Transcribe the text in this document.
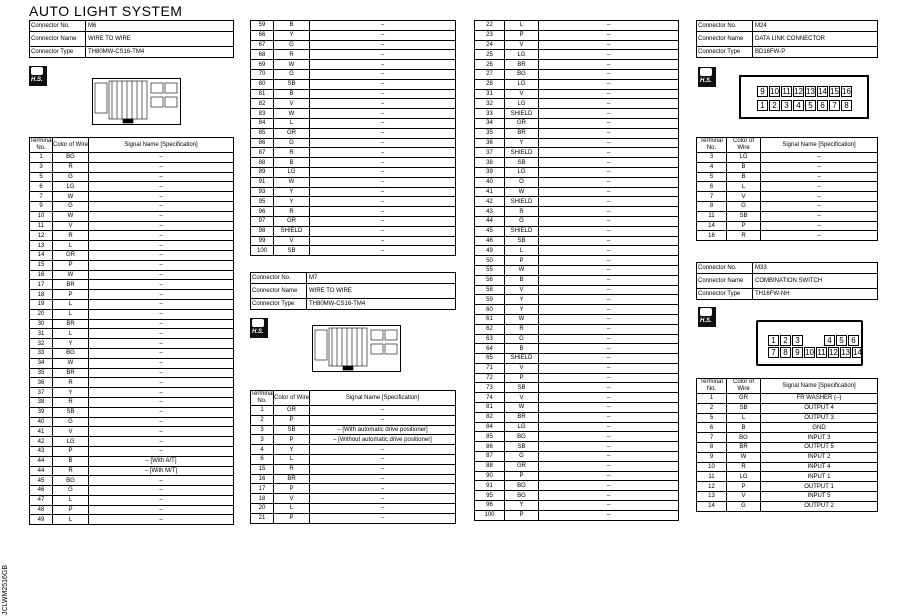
AUTO LIGHT SYSTEM
JCLWM2516GB
Connector No.	M6
Connector Name	WIRE TO WIRE
Connector Type	TH80MW-CS16-TM4
H.S.
Terminal No.	Color of Wire	Signal Name [Specification]
1	BG	–
3	R	–
5	G	–
6	LG	–
7	W	–
9	G	–
10	W	–
11	V	–
12	R	–
13	L	–
14	GR	–
15	P	–
16	W	–
17	BR	–
18	P	–
19	L	–
20	L	–
30	BR	–
31	L	–
32	Y	–
33	BG	–
34	W	–
35	BR	–
36	R	–
37	Y	–
38	R	–
39	SB	–
40	G	–
41	V	–
42	LG	–
43	P	–
44	B	– [With A/T]
44	R	– [With M/T]
45	BG	–
46	G	–
47	L	–
48	P	–
49	L	–
59	B	–
66	Y	–
67	G	–
68	R	–
69	W	–
70	G	–
80	SB	–
81	B	–
82	V	–
83	W	–
84	L	–
85	GR	–
86	G	–
87	R	–
88	B	–
89	LG	–
91	W	–
93	Y	–
95	Y	–
96	R	–
97	GR	–
98	SHIELD	–
99	V	–
100	SB	–
Connector No.	M7
Connector Name	WIRE TO WIRE
Connector Type	TH80MW-CS16-TM4
H.S.
Terminal No.	Color of Wire	Signal Name [Specification]
1	GR	–
2	P	–
3	SB	– [With automatic drive positioner]
3	P	– [Without automatic drive positioner]
4	Y	–
6	L	–
15	R	–
16	BR	–
17	P	–
18	V	–
20	L	–
21	P	–
22	L	–
23	P	–
24	V	–
25	LG	–
26	BR	–
27	BG	–
28	LG	–
31	V	–
32	LG	–
33	SHIELD	–
34	GR	–
35	BR	–
36	Y	–
37	SHIELD	–
38	SB	–
39	LG	–
40	O	–
41	W	–
42	SHIELD	–
43	R	–
44	G	–
45	SHIELD	–
46	SB	–
49	L	–
50	P	–
55	W	–
56	B	–
58	V	–
59	Y	–
60	Y	–
61	W	–
62	R	–
63	G	–
64	B	–
65	SHIELD	–
71	V	–
72	P	–
73	SB	–
74	V	–
81	W	–
82	BR	–
84	LG	–
85	BG	–
86	SB	–
87	G	–
88	GR	–
90	P	–
91	BG	–
95	BG	–
96	Y	–
100	P	–
Connector No.	M24
Connector Name	DATA LINK CONNECTOR
Connector Type	BD16FW-P
H.S.
9 10 11 12 13 14 15 16
1 2 3 4 5 6 7 8
Terminal No.	Color of Wire	Signal Name [Specification]
3	LG	–
4	B	–
5	B	–
6	L	–
7	V	–
8	G	–
11	SB	–
14	P	–
16	R	–
Connector No.	M33
Connector Name	COMBINATION SWITCH
Connector Type	TH16FW-NH
H.S.
1 2 3	4 5 6
7 8 9 10 11 12 13 14
Terminal No.	Color of Wire	Signal Name [Specification]
1	GR	FR WASHER (–)
2	SB	OUTPUT 4
5	L	OUTPUT 3
6	B	GND
7	BG	INPUT 3
8	BR	OUTPUT 5
9	W	INPUT 2
10	R	INPUT 4
11	LG	INPUT 1
12	P	OUTPUT 1
13	V	INPUT 5
14	G	OUTPUT 2
